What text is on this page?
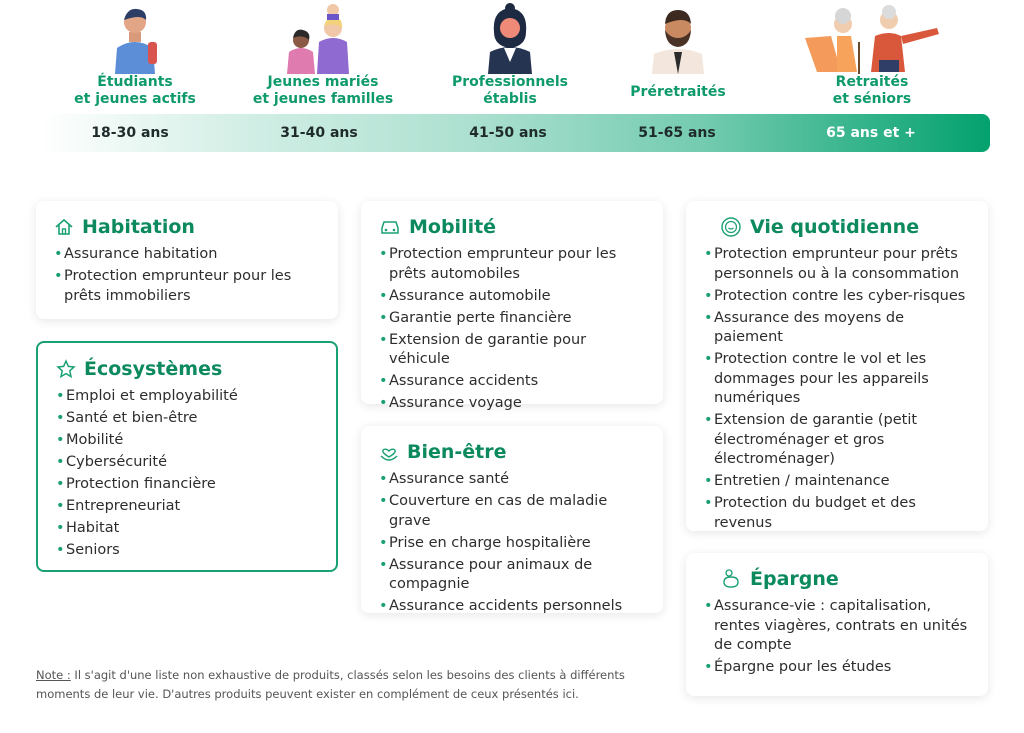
Étudiants
et jeunes actifs
Jeunes mariés
et jeunes familles
Professionnels
établis	Préretraités
Retraités
et séniors
18-30 ans	31-40 ans	41-50 ans	51-65 ans	65 ans et +
Habitation
• Assurance habitation
• Protection emprunteur pour les prêts immobiliers
Écosystèmes
• Emploi et employabilité
• Santé et bien-être
• Mobilité
• Cybersécurité
• Protection financière
• Entrepreneuriat
• Habitat
• Seniors
Mobilité
• Protection emprunteur pour les prêts automobiles
• Assurance automobile
• Garantie perte financière
• Extension de garantie pour véhicule
• Assurance accidents
• Assurance voyage
Bien-être
• Assurance santé
• Couverture en cas de maladie grave
• Prise en charge hospitalière
• Assurance pour animaux de compagnie
• Assurance accidents personnels
Vie quotidienne
• Protection emprunteur pour prêts personnels ou à la consommation
• Protection contre les cyber-risques
• Assurance des moyens de paiement
• Protection contre le vol et les dommages pour les appareils numériques
• Extension de garantie (petit électroménager et gros électroménager)
• Entretien / maintenance
• Protection du budget et des revenus
Épargne
• Assurance-vie : capitalisation, rentes viagères, contrats en unités de compte
• Épargne pour les études
Note : Il s'agit d'une liste non exhaustive de produits, classés selon les besoins des clients à différents moments de leur vie. D'autres produits peuvent exister en complément de ceux présentés ici.
